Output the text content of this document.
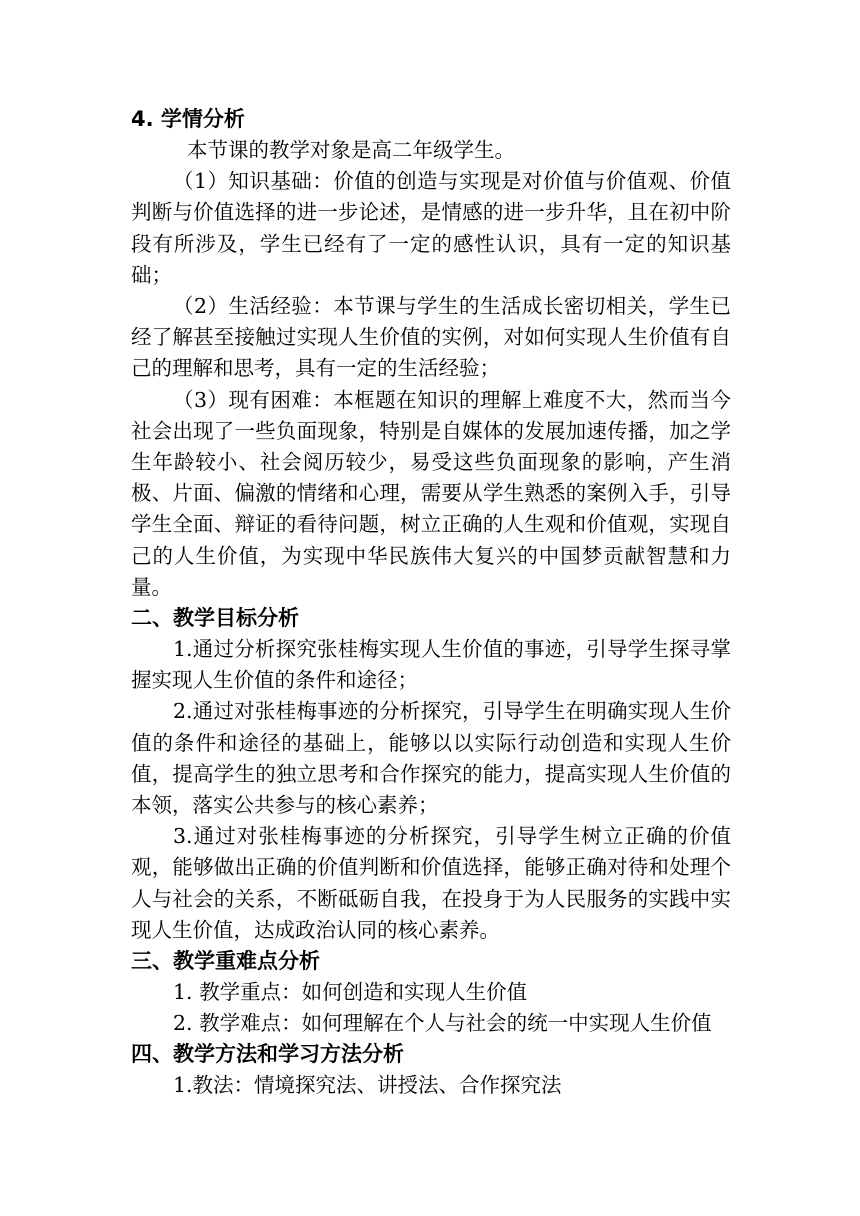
4. 学情分析

本节课的教学对象是高二年级学生。

（1）知识基础：价值的创造与实现是对价值与价值观、价值判断与价值选择的进一步论述，是情感的进一步升华，且在初中阶段有所涉及，学生已经有了一定的感性认识，具有一定的知识基础；

（2）生活经验：本节课与学生的生活成长密切相关，学生已经了解甚至接触过实现人生价值的实例，对如何实现人生价值有自己的理解和思考，具有一定的生活经验；

（3）现有困难：本框题在知识的理解上难度不大，然而当今社会出现了一些负面现象，特别是自媒体的发展加速传播，加之学生年龄较小、社会阅历较少，易受这些负面现象的影响，产生消极、片面、偏激的情绪和心理，需要从学生熟悉的案例入手，引导学生全面、辩证的看待问题，树立正确的人生观和价值观，实现自己的人生价值，为实现中华民族伟大复兴的中国梦贡献智慧和力量。

二、教学目标分析

1.通过分析探究张桂梅实现人生价值的事迹，引导学生探寻掌握实现人生价值的条件和途径；

2.通过对张桂梅事迹的分析探究，引导学生在明确实现人生价值的条件和途径的基础上，能够以以实际行动创造和实现人生价值，提高学生的独立思考和合作探究的能力，提高实现人生价值的本领，落实公共参与的核心素养；

3.通过对张桂梅事迹的分析探究，引导学生树立正确的价值观，能够做出正确的价值判断和价值选择，能够正确对待和处理个人与社会的关系，不断砥砺自我，在投身于为人民服务的实践中实现人生价值，达成政治认同的核心素养。

三、教学重难点分析

1. 教学重点：如何创造和实现人生价值

2. 教学难点：如何理解在个人与社会的统一中实现人生价值

四、教学方法和学习方法分析

1.教法：情境探究法、讲授法、合作探究法
